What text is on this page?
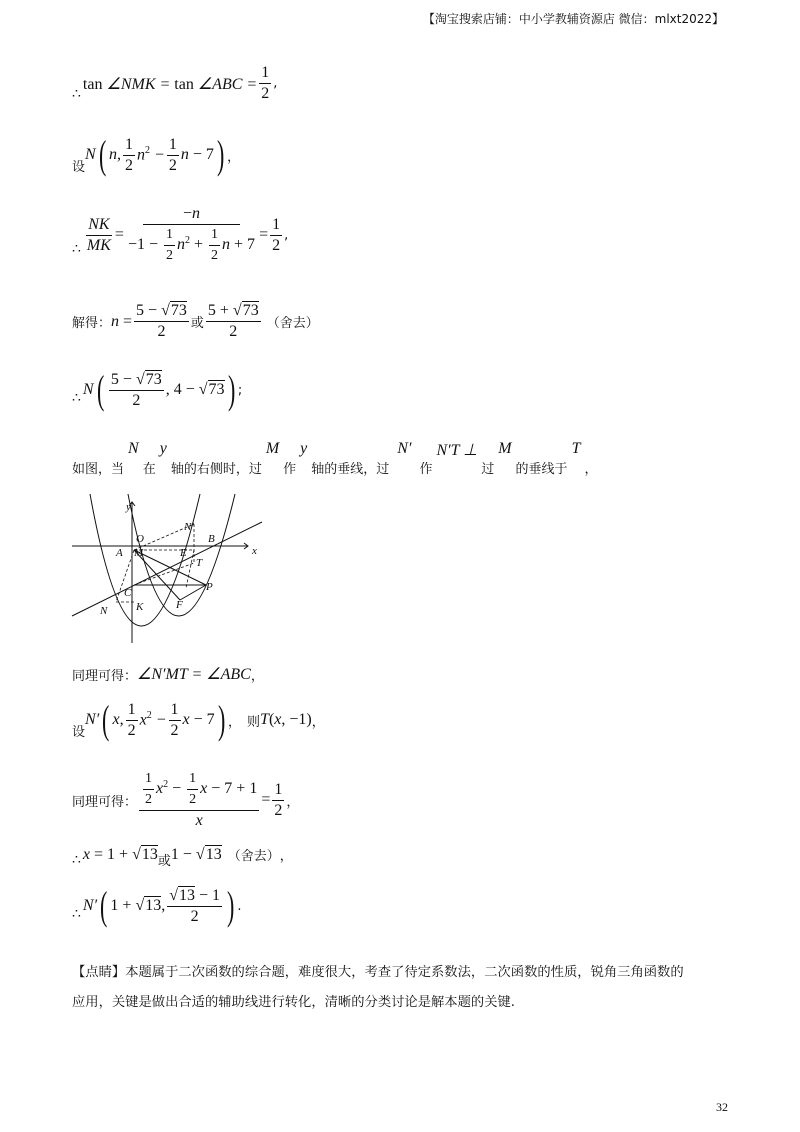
【淘宝搜索店铺：中小学教辅资源店 微信：mlxt2022】
∴
tan ∠NMK = tan ∠ABC = $\frac{1}{2}$ ,
设
N ( n, $\frac{1}{2} n^2 - \frac{1}{2}$ n − 7 ) ，
∴ $\frac{NK}{MK} = \frac{-n}{-1 - \frac{1}{2} n^2 + \frac{1}{2} n + 7} = \frac{1}{2}$ ,
解得： $n = \frac{5 - √73}{2}$ 或 $\frac{5 + √73}{2}$ （舍去）
∴ N ( $\frac{5 - √73}{2}$ , 4 − √73 ) ;
如图，当
N
在
y
轴的右侧时，过
M
作
y
轴的垂线，过
N′
作
N′T ⊥
过
M
的垂线于
T
，
y
x
O
N'
B
A M	E
T
P
C
K
N	F
同理可得： ∠N′MT = ∠ABC ，
设
N′ ( x, $\frac{1}{2} x^2 - \frac{1}{2}$ x − 7 ) ， 则 T ( x , −1) ，
同理可得： $\frac{\frac{1}{2} x^2 - \frac{1}{2} x - 7 + 1}{x} = \frac{1}{2}$ ，
∴ x = 1 + √13 或 1 − √13 （舍去） ，
∴ N′ ( 1 + √13, $\frac{√13 - 1}{2}$ ) .
【点睛】本题属于二次函数的综合题，难度很大，考查了待定系数法，二次函数的性质，锐角三角函数的
应用，关键是做出合适的辅助线进行转化，清晰的分类讨论是解本题的关键.
32
